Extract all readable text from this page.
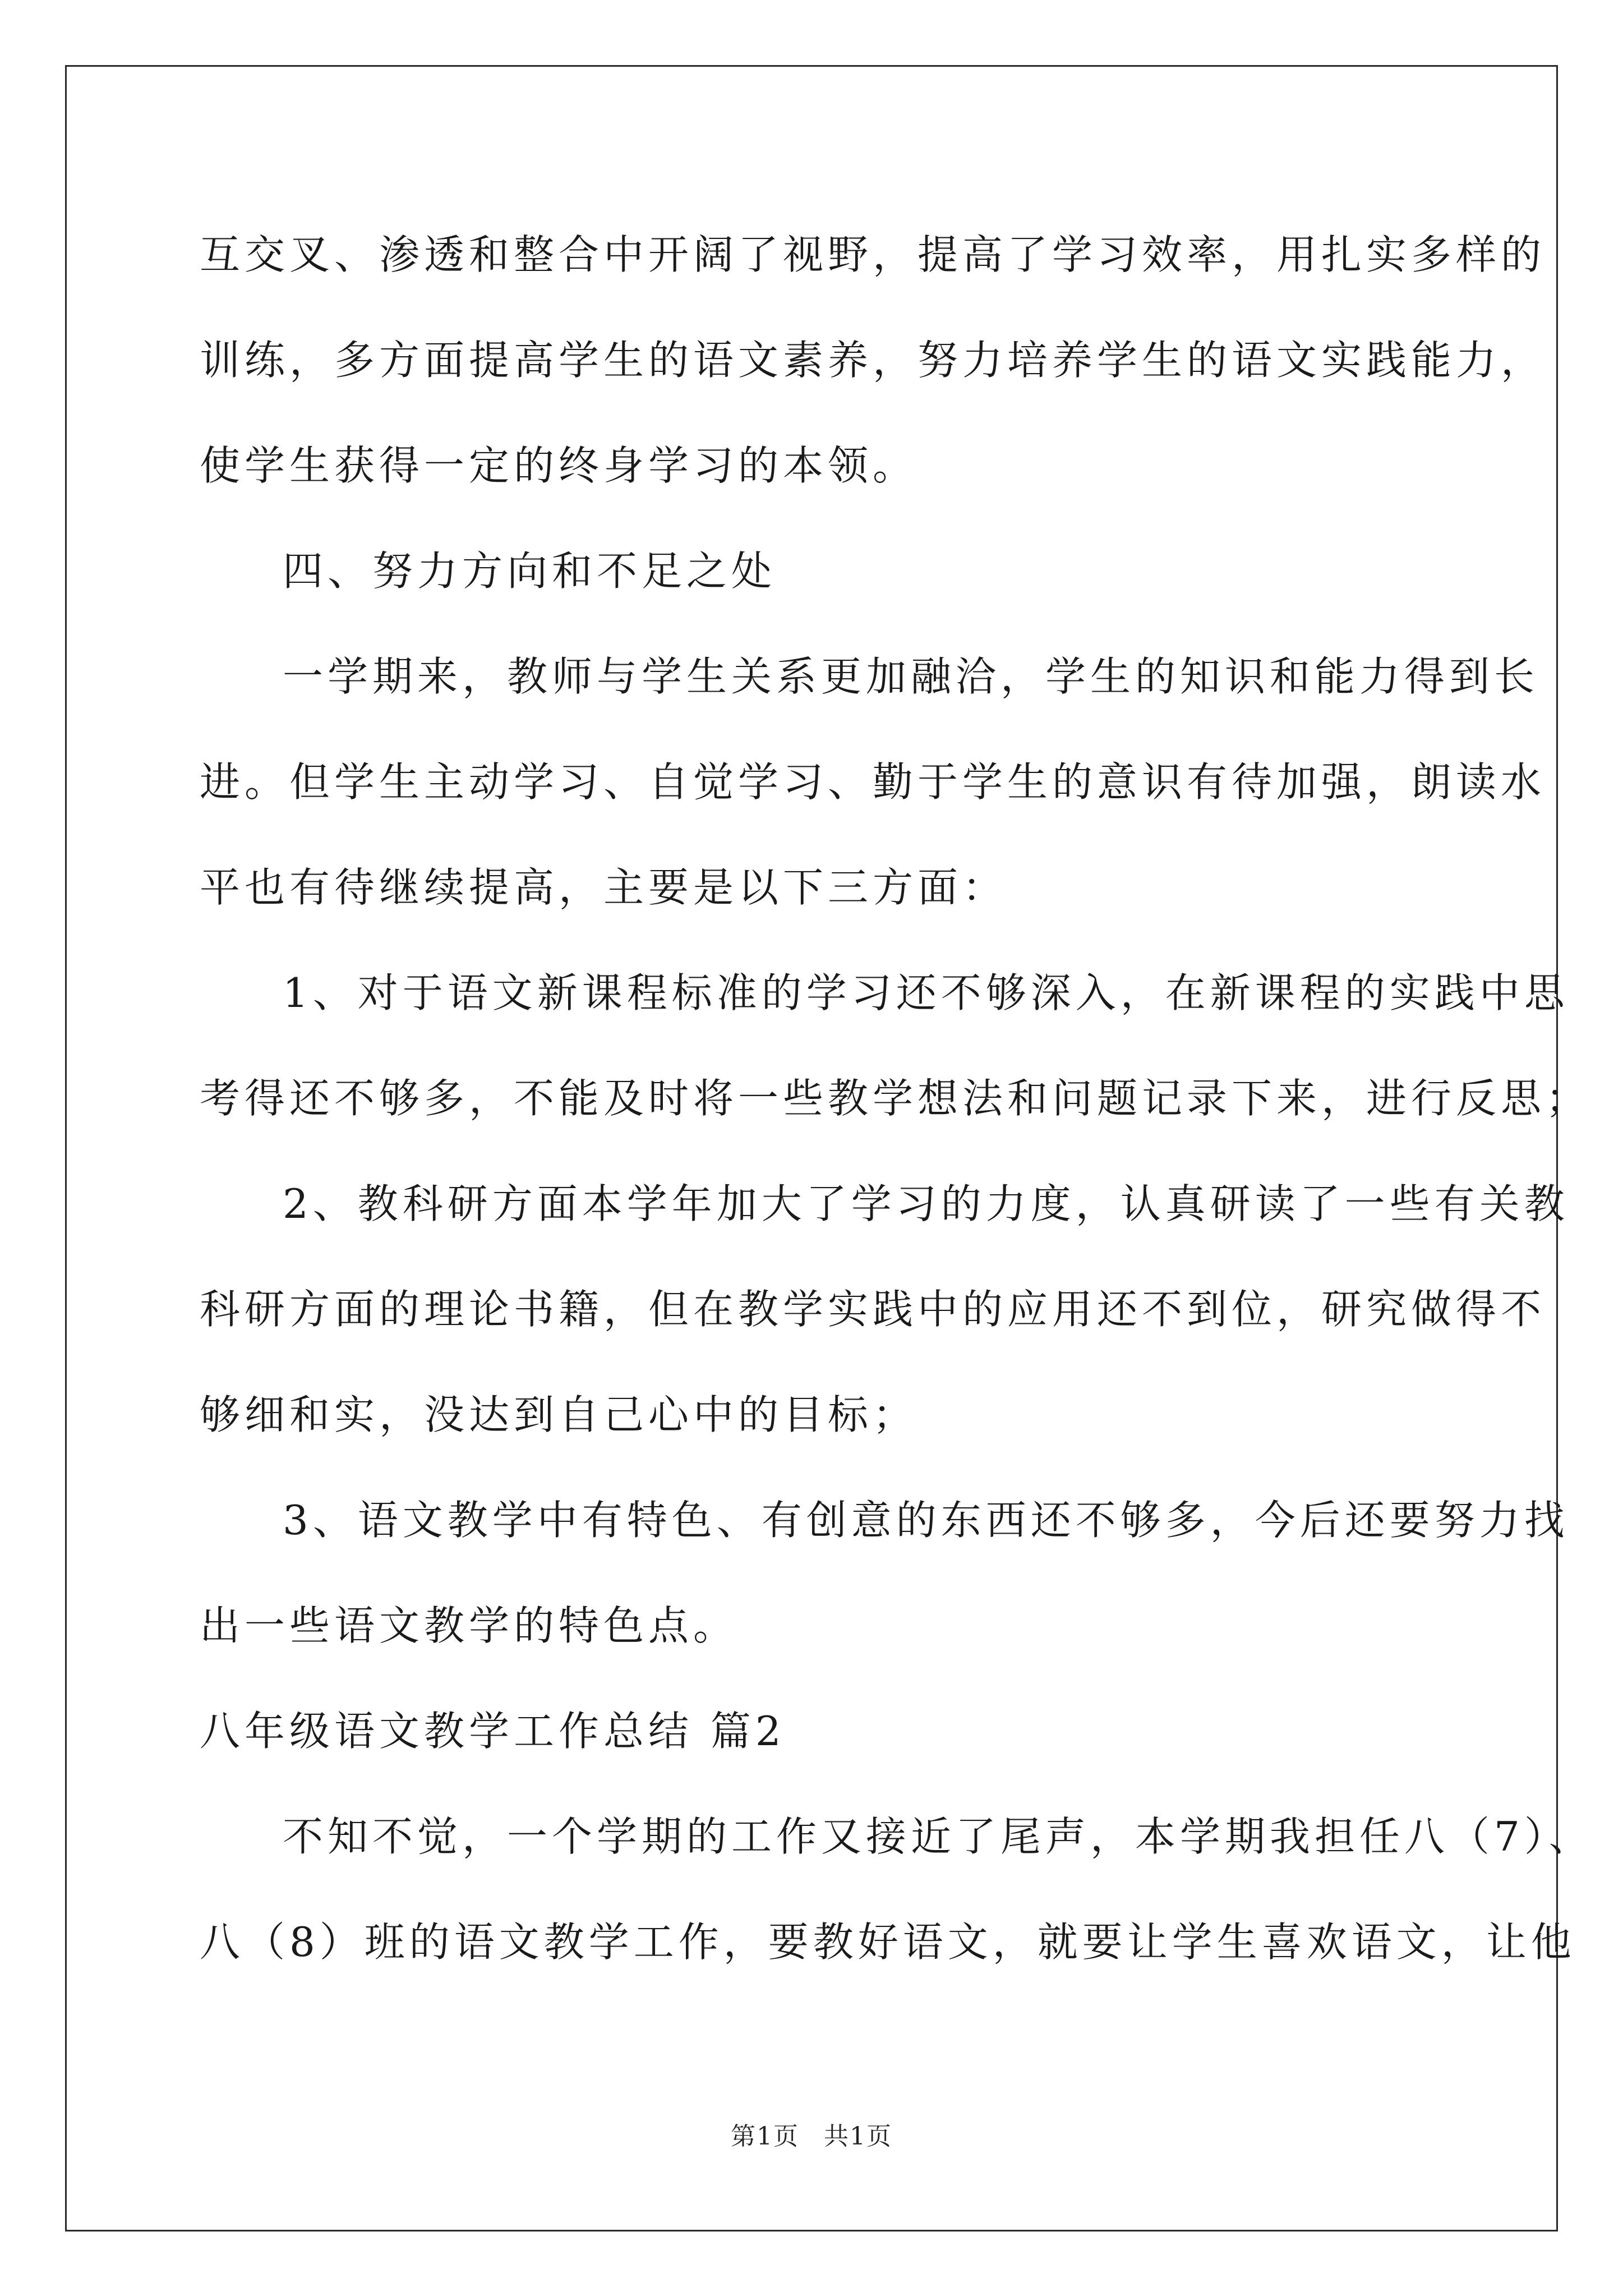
互交叉、渗透和整合中开阔了视野，提高了学习效率，用扎实多样的
训练，多方面提高学生的语文素养，努力培养学生的语文实践能力，
使学生获得一定的终身学习的本领。
四、努力方向和不足之处
一学期来，教师与学生关系更加融洽，学生的知识和能力得到长
进。但学生主动学习、自觉学习、勤于学生的意识有待加强，朗读水
平也有待继续提高，主要是以下三方面：
1、对于语文新课程标准的学习还不够深入，在新课程的实践中思
考得还不够多，不能及时将一些教学想法和问题记录下来，进行反思；
2、教科研方面本学年加大了学习的力度，认真研读了一些有关教
科研方面的理论书籍，但在教学实践中的应用还不到位，研究做得不
够细和实，没达到自己心中的目标；
3、语文教学中有特色、有创意的东西还不够多，今后还要努力找
出一些语文教学的特色点。
八年级语文教学工作总结 篇2
不知不觉，一个学期的工作又接近了尾声，本学期我担任八（7）、
八（8）班的语文教学工作，要教好语文，就要让学生喜欢语文，让他
第1页 共1页
